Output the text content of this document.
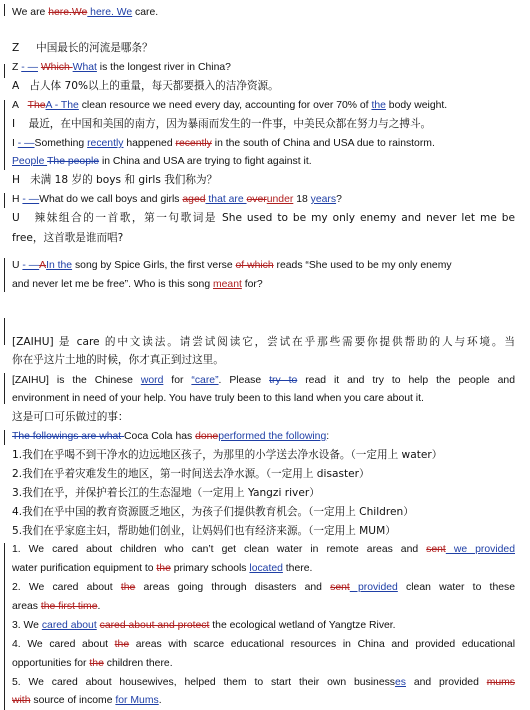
We are here.We here. We care.
Z     中国最长的河流是哪条？
Z - — Which What is the longest river in China?
A   占人体 70%以上的重量，每天都要摄入的洁净资源。
A   TheA - The clean resource we need every day, accounting for over 70% of the body weight.
I    最近，在中国和美国的南方，因为暴雨而发生的一件事，中美民众都在努力与之搏斗。
I - —Something recently happened recently in the south of China and USA due to rainstorm.
People The people in China and USA are trying to fight against it.
H   未满 18 岁的 boys 和 girls 我们称为？
H - —What do we call boys and girls aged that are overunder 18 years?
U   辣妹组合的一首歌，第一句歌词是 She used to be my only enemy and never let me be
free，这首歌是谁而唱?
U - —AIn the song by Spice Girls, the first verse of which reads “She used to be my only enemy
and never let me be free”. Who is this song meant for?
[ZAIHU] 是 care 的中文读法。请尝试阅读它，尝试在乎那些需要你提供帮助的人与环境。当
你在乎这片土地的时候，你才真正到过这里。
[ZAIHU] is the Chinese word for “care”. Please try to read it and try to help the people and
environment in need of your help. You have truly been to this land when you care about it.
这是可口可乐做过的事：
The followings are what Coca Cola has doneperformed the following:
1.我们在乎喝不到干净水的边远地区孩子，为那里的小学送去净水设备。（一定用上 water）
2.我们在乎着灾难发生的地区，第一时间送去净水源。（一定用上 disaster）
3.我们在乎，并保护着长江的生态湿地（一定用上 Yangzi river）
4.我们在乎中国的教育资源匮乏地区，为孩子们提供教育机会。（一定用上 Children）
5.我们在乎家庭主妇，帮助她们创业，让妈妈们也有经济来源。（一定用上 MUM）
1. We cared about children who can’t get clean water in remote areas and sent we provided
water purification equipment to the primary schools located there.
2. We cared about the areas going through disasters and sent provided clean water to these
areas the first time.
3. We cared about cared about and protect the ecological wetland of Yangtze River.
4. We cared about the areas with scarce educational resources in China and provided educational
opportunities for the children there.
5. We cared about housewives, helped them to start their own businesses and provided mums
with source of income for Mums.
